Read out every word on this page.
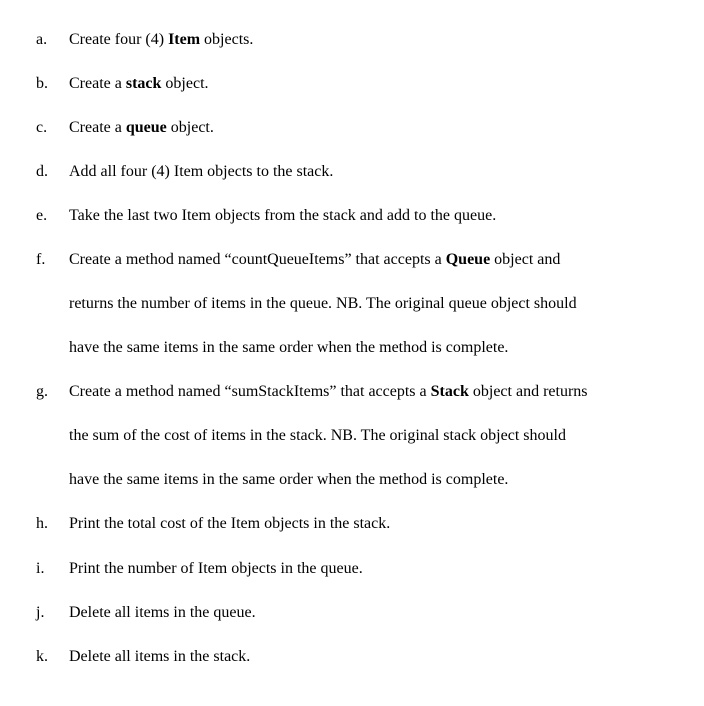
a.	Create four (4) Item objects.
b.	Create a stack object.
c.	Create a queue object.
d.	Add all four (4) Item objects to the stack.
e.	Take the last two Item objects from the stack and add to the queue.
f.	Create a method named “countQueueItems” that accepts a Queue object and
returns the number of items in the queue. NB. The original queue object should
have the same items in the same order when the method is complete.
g.	Create a method named “sumStackItems” that accepts a Stack object and returns
the sum of the cost of items in the stack. NB. The original stack object should
have the same items in the same order when the method is complete.
h.	Print the total cost of the Item objects in the stack.
i.	Print the number of Item objects in the queue.
j.	Delete all items in the queue.
k.	Delete all items in the stack.
